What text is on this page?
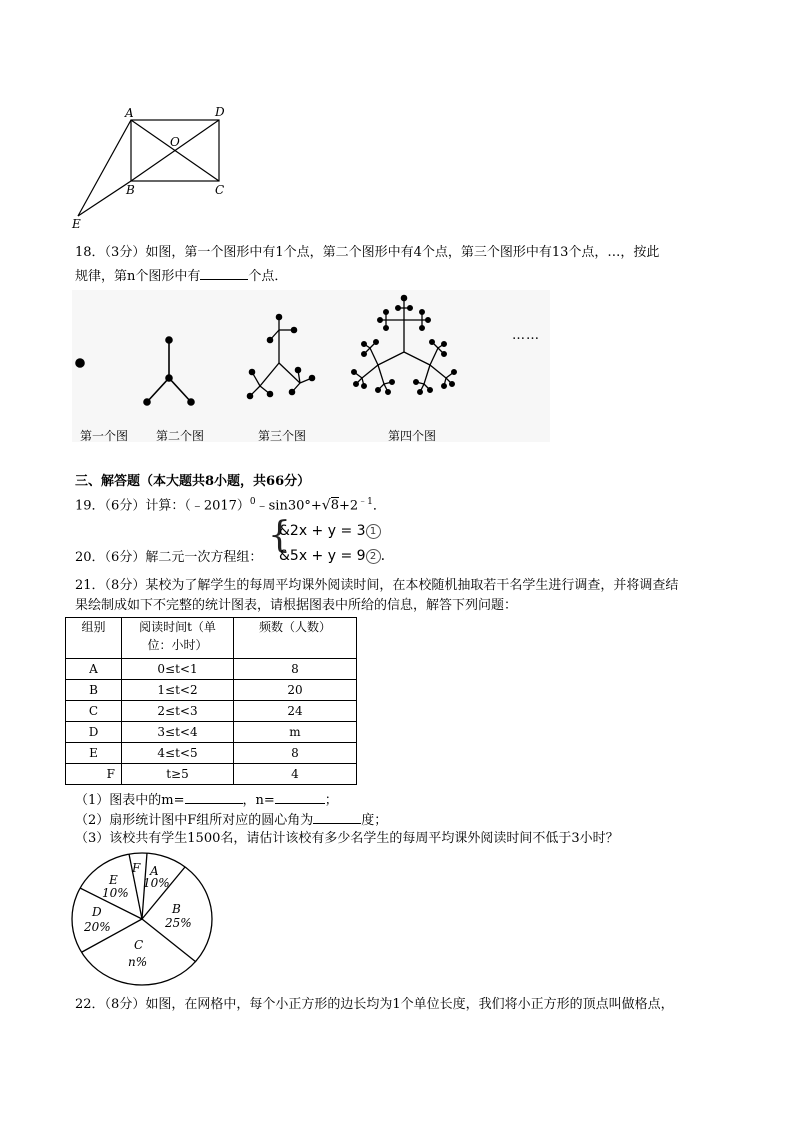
A	D
O
B	C
E
18．（3分）如图，第一个图形中有1个点，第二个图形中有4个点，第三个图形中有13个点，…，按此
规律，第n个图形中有	个点．
……
第一个图 第二个图	第三个图	第四个图
三、解答题（本大题共8小题，共66分）
19．（6分）计算：$(﹣2017)^0﹣\sin 30^\circ+√8+2^{﹣1}$．
{
&2x + y = 3 1
20．（6分）解二元一次方程组： &5x + y = 9 2 .
21．（8分）某校为了解学生的每周平均课外阅读时间，在本校随机抽取若干名学生进行调查，并将调查结
果绘制成如下不完整的统计图表，请根据图表中所给的信息，解答下列问题：
组别	阅读时间t（单
位：小时）	频数（人数）
A	0≤t<1	8
B	1≤t<2	20
C	2≤t<3	24
D	3≤t<4	m
E	4≤t<5	8
F	t≥5	4
（1）图表中的m=	，n=	；
（2）扇形统计图中F组所对应的圆心角为	度；
（3）该校共有学生1500名，请估计该校有多少名学生的每周平均课外阅读时间不低于3小时？
F A
10%
E
10%
B
25%
D
20%
C
n%
22．（8分）如图，在网格中，每个小正方形的边长均为1个单位长度，我们将小正方形的顶点叫做格点，
